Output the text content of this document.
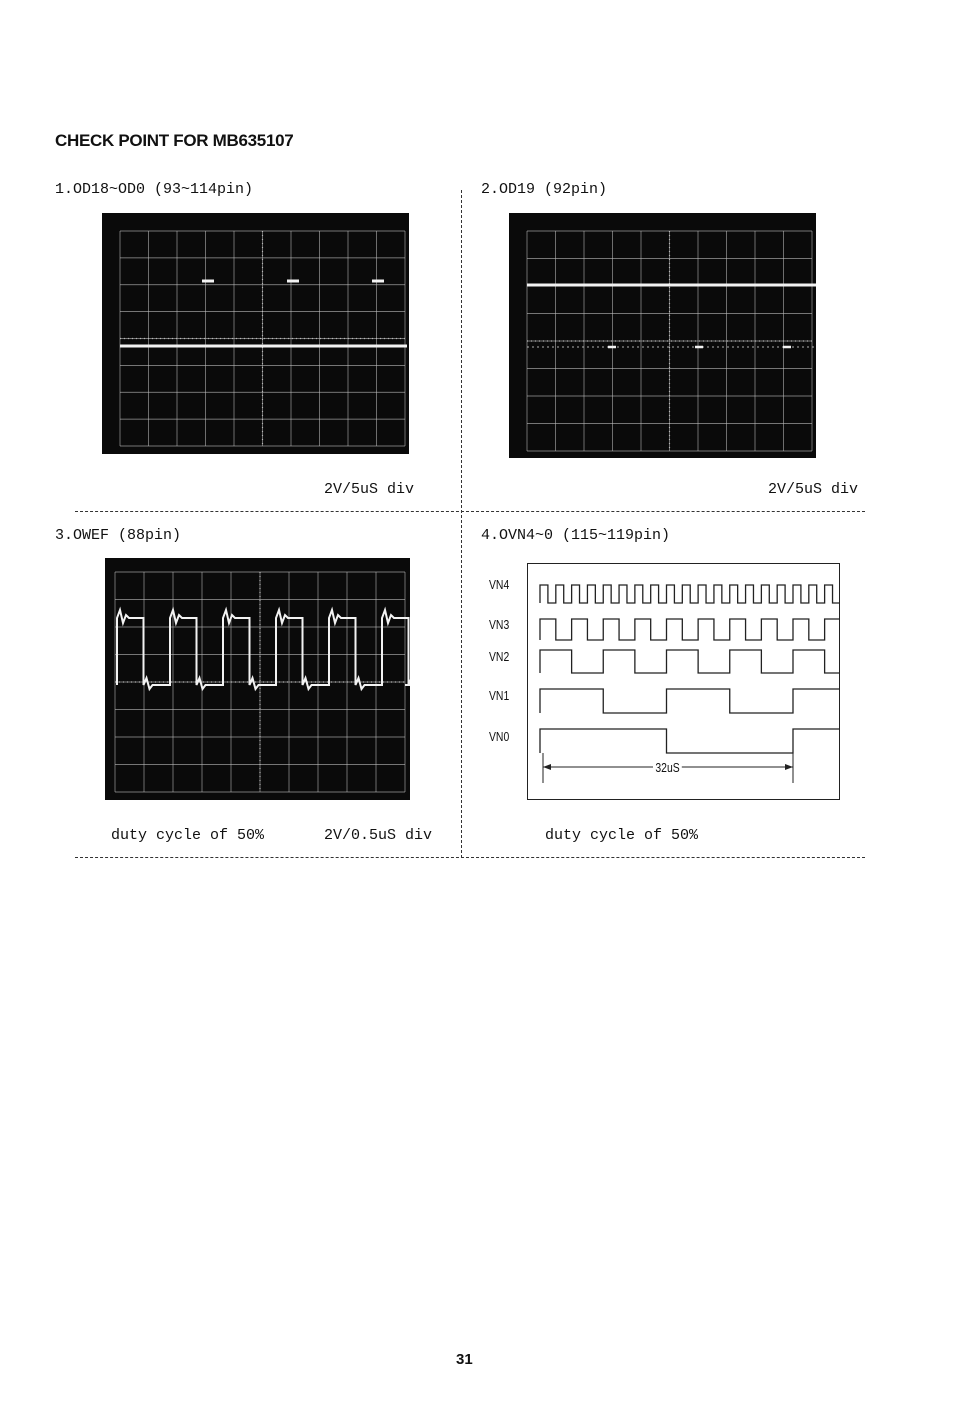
CHECK POINT FOR MB635107
1.OD18~OD0 (93~114pin)
2V/5uS div
2.OD19 (92pin)
2V/5uS div
3.OWEF (88pin)
duty cycle of 50%	2V/0.5uS div
4.OVN4~0 (115~119pin)
VN4
VN3
VN2
VN1
VN0
32uS
duty cycle of 50%
31
